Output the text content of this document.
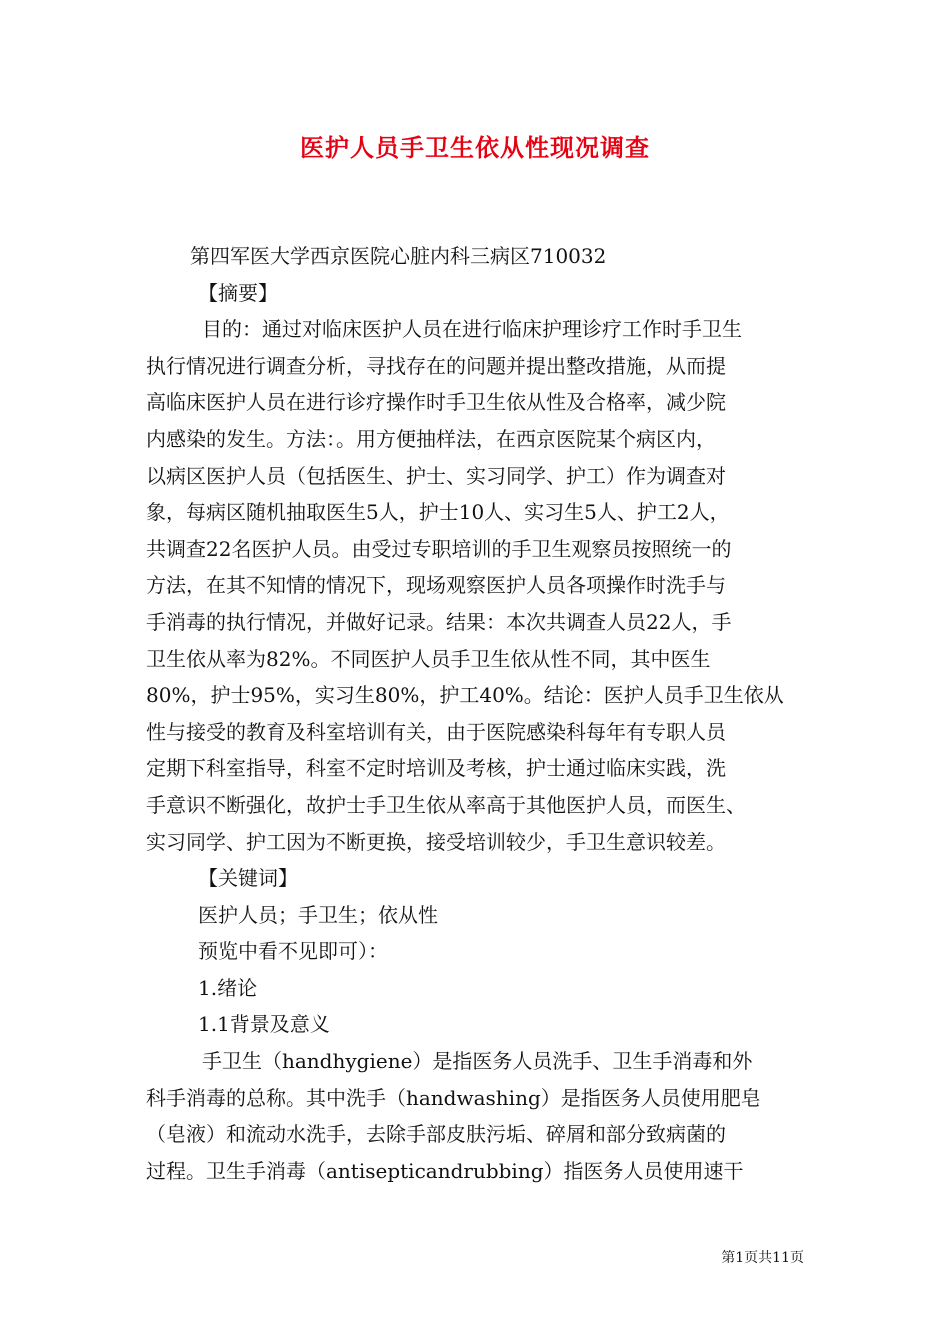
医护人员手卫生依从性现况调查
第四军医大学西京医院心脏内科三病区710032
【摘要】
目的：通过对临床医护人员在进行临床护理诊疗工作时手卫生
执行情况进行调查分析，寻找存在的问题并提出整改措施，从而提
高临床医护人员在进行诊疗操作时手卫生依从性及合格率，减少院
内感染的发生。方法：。用方便抽样法，在西京医院某个病区内，
以病区医护人员（包括医生、护士、实习同学、护工）作为调查对
象，每病区随机抽取医生5人，护士10人、实习生5人、护工2人，
共调查22名医护人员。由受过专职培训的手卫生观察员按照统一的
方法，在其不知情的情况下，现场观察医护人员各项操作时洗手与
手消毒的执行情况，并做好记录。结果：本次共调查人员22人，手
卫生依从率为82%。不同医护人员手卫生依从性不同，其中医生
80%，护士95%，实习生80%，护工40%。结论：医护人员手卫生依从
性与接受的教育及科室培训有关，由于医院感染科每年有专职人员
定期下科室指导，科室不定时培训及考核，护士通过临床实践，洗
手意识不断强化，故护士手卫生依从率高于其他医护人员，而医生、
实习同学、护工因为不断更换，接受培训较少，手卫生意识较差。
【关键词】
医护人员；手卫生；依从性
预览中看不见即可）：
1.绪论
1.1背景及意义
手卫生（handhygiene）是指医务人员洗手、卫生手消毒和外
科手消毒的总称。其中洗手（handwashing）是指医务人员使用肥皂
（皂液）和流动水洗手，去除手部皮肤污垢、碎屑和部分致病菌的
过程。卫生手消毒（antisepticandrubbing）指医务人员使用速干
第1页共11页
